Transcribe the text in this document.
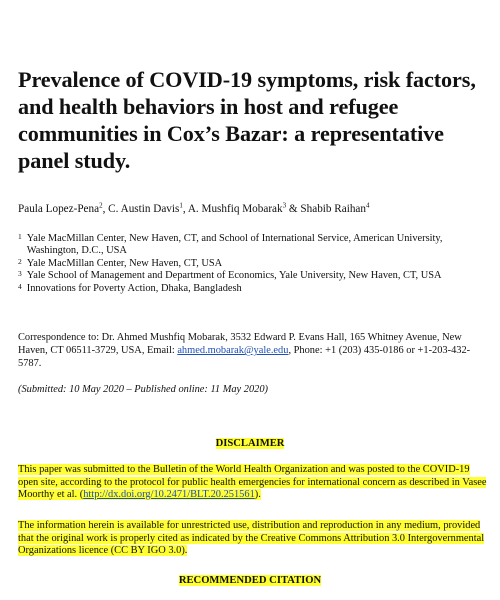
Prevalence of COVID-19 symptoms, risk factors, and health behaviors in host and refugee communities in Cox’s Bazar: a representative panel study.
Paula Lopez-Pena$^2$, C. Austin Davis$^1$, A. Mushfiq Mobarak$^3$ & Shabib Raihan$^4$
1 Yale MacMillan Center, New Haven, CT, and School of International Service, American University, Washington, D.C., USA
2 Yale MacMillan Center, New Haven, CT, USA
3 Yale School of Management and Department of Economics, Yale University, New Haven, CT, USA
4 Innovations for Poverty Action, Dhaka, Bangladesh
Correspondence to: Dr. Ahmed Mushfiq Mobarak, 3532 Edward P. Evans Hall, 165 Whitney Avenue, New Haven, CT 06511-3729, USA, Email: ahmed.mobarak@yale.edu, Phone: +1 (203) 435-0186 or +1-203-432-5787.
(Submitted: 10 May 2020 – Published online: 11 May 2020)
DISCLAIMER
This paper was submitted to the Bulletin of the World Health Organization and was posted to the COVID-19 open site, according to the protocol for public health emergencies for international concern as described in Vasee Moorthy et al. (http://dx.doi.org/10.2471/BLT.20.251561).
The information herein is available for unrestricted use, distribution and reproduction in any medium, provided that the original work is properly cited as indicated by the Creative Commons Attribution 3.0 Intergovernmental Organizations licence (CC BY IGO 3.0).
RECOMMENDED CITATION
